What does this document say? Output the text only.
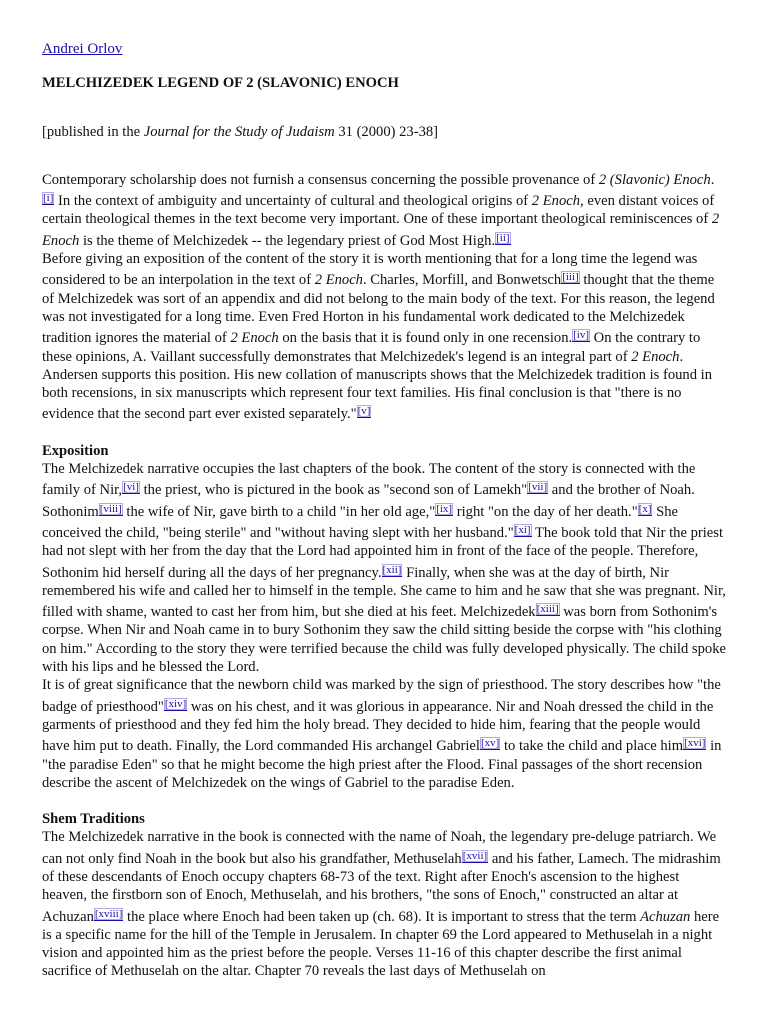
Andrei Orlov
MELCHIZEDEK LEGEND OF 2 (SLAVONIC) ENOCH
[published in the Journal for the Study of Judaism 31 (2000) 23-38]

Contemporary scholarship does not furnish a consensus concerning the possible provenance of 2 (Slavonic) Enoch.[i] In the context of ambiguity and uncertainty of cultural and theological origins of 2 Enoch, even distant voices of certain theological themes in the text become very important. One of these important theological reminiscences of 2 Enoch is the theme of Melchizedek -- the legendary priest of God Most High.[ii]

Before giving an exposition of the content of the story it is worth mentioning that for a long time the legend was considered to be an interpolation in the text of 2 Enoch. Charles, Morfill, and Bonwetsch[iii] thought that the theme of Melchizedek was sort of an appendix and did not belong to the main body of the text. For this reason, the legend was not investigated for a long time. Even Fred Horton in his fundamental work dedicated to the Melchizedek tradition ignores the material of 2 Enoch on the basis that it is found only in one recension.[iv] On the contrary to these opinions, A. Vaillant successfully demonstrates that Melchizedek's legend is an integral part of 2 Enoch. Andersen supports this position. His new collation of manuscripts shows that the Melchizedek tradition is found in both recensions, in six manuscripts which represent four text families. His final conclusion is that "there is no evidence that the second part ever existed separately."[v]

Exposition

The Melchizedek narrative occupies the last chapters of the book. The content of the story is connected with the family of Nir,[vi] the priest, who is pictured in the book as "second son of Lamekh"[vii] and the brother of Noah. Sothonim[viii] the wife of Nir, gave birth to a child "in her old age,"[ix] right "on the day of her death."[x] She conceived the child, "being sterile" and "without having slept with her husband."[xi] The book told that Nir the priest had not slept with her from the day that the Lord had appointed him in front of the face of the people. Therefore, Sothonim hid herself during all the days of her pregnancy.[xii] Finally, when she was at the day of birth, Nir remembered his wife and called her to himself in the temple. She came to him and he saw that she was pregnant. Nir, filled with shame, wanted to cast her from him, but she died at his feet. Melchizedek[xiii] was born from Sothonim's corpse. When Nir and Noah came in to bury Sothonim they saw the child sitting beside the corpse with "his clothing on him." According to the story they were terrified because the child was fully developed physically. The child spoke with his lips and he blessed the Lord.

It is of great significance that the newborn child was marked by the sign of priesthood. The story describes how "the badge of priesthood"[xiv] was on his chest, and it was glorious in appearance. Nir and Noah dressed the child in the garments of priesthood and they fed him the holy bread. They decided to hide him, fearing that the people would have him put to death. Finally, the Lord commanded His archangel Gabriel[xv] to take the child and place him[xvi] in "the paradise Eden" so that he might become the high priest after the Flood. Final passages of the short recension describe the ascent of Melchizedek on the wings of Gabriel to the paradise Eden.

Shem Traditions

The Melchizedek narrative in the book is connected with the name of Noah, the legendary pre-deluge patriarch. We can not only find Noah in the book but also his grandfather, Methuselah[xvii] and his father, Lamech. The midrashim of these descendants of Enoch occupy chapters 68-73 of the text. Right after Enoch's ascension to the highest heaven, the firstborn son of Enoch, Methuselah, and his brothers, "the sons of Enoch," constructed an altar at Achuzan[xviii] the place where Enoch had been taken up (ch. 68). It is important to stress that the term Achuzan here is a specific name for the hill of the Temple in Jerusalem. In chapter 69 the Lord appeared to Methuselah in a night vision and appointed him as the priest before the people. Verses 11-16 of this chapter describe the first animal sacrifice of Methuselah on the altar. Chapter 70 reveals the last days of Methuselah on
